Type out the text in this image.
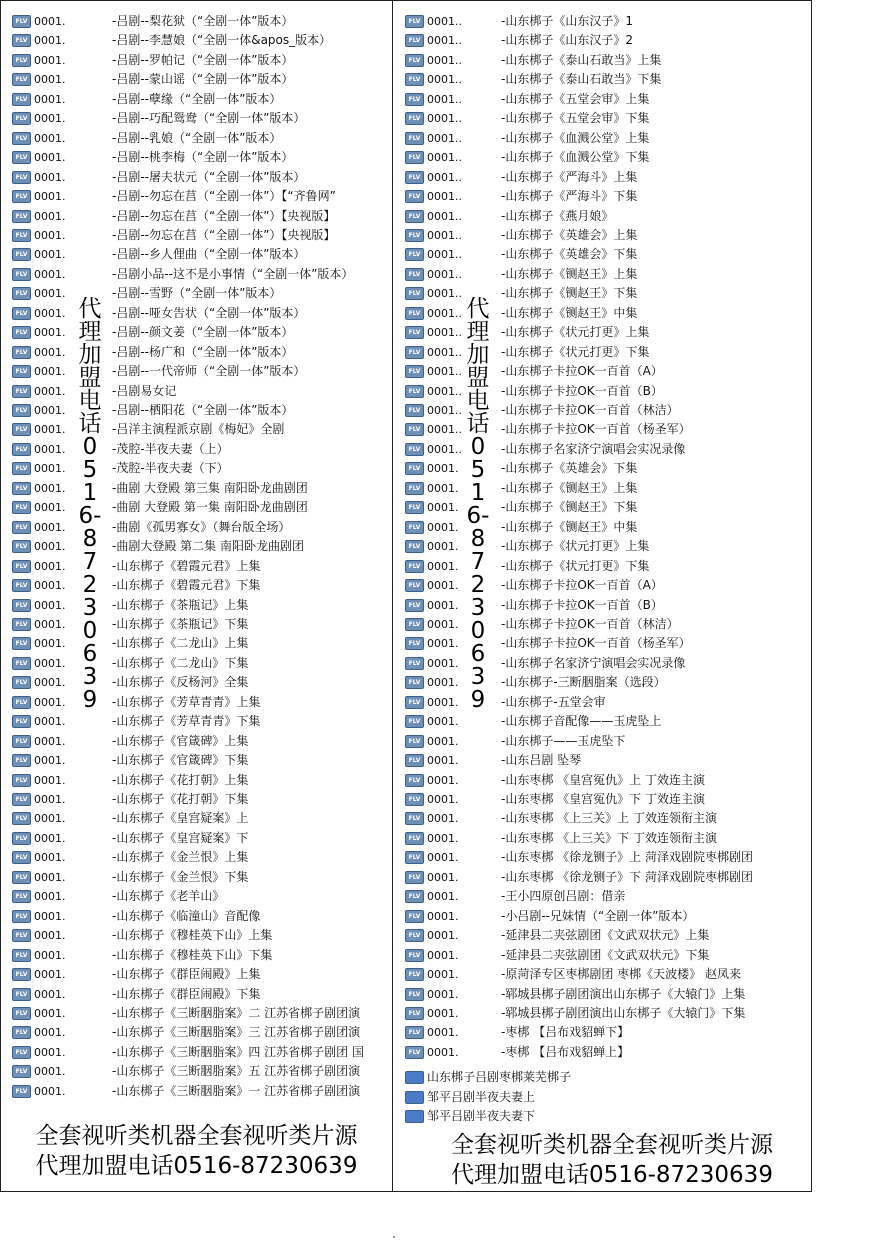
FLV 0001.	-吕剧--梨花狱（“全剧一体”版本）
FLV 0001.	-吕剧--李慧娘（“全剧一体&apos_版本）
FLV 0001.	-吕剧--罗帕记（“全剧一体”版本）
FLV 0001.	-吕剧--蒙山谣（“全剧一体”版本）
FLV 0001.	-吕剧--孽缘（“全剧一体”版本）
FLV 0001.	-吕剧--巧配鸳鸯（“全剧一体”版本）
FLV 0001.	-吕剧--乳娘（“全剧一体”版本）
FLV 0001.	-吕剧--桃李梅（“全剧一体”版本）
FLV 0001.	-吕剧--屠夫状元（“全剧一体”版本）
FLV 0001.	-吕剧--勿忘在莒（“全剧一体”）【“齐鲁网”
FLV 0001.	-吕剧--勿忘在莒（“全剧一体”）【央视版】
FLV 0001.	-吕剧--勿忘在莒（“全剧一体”）【央视版】
FLV 0001.	-吕剧--乡人俚曲（“全剧一体”版本）
FLV 0001.	-吕剧小品--这不是小事情（“全剧一体”版本）
FLV 0001.	-吕剧--雪野（“全剧一体”版本）
FLV 0001.	-吕剧--哑女告状（“全剧一体”版本）
FLV 0001.	-吕剧--颜文姜（“全剧一体”版本）
FLV 0001.	-吕剧--杨广和（“全剧一体”版本）
FLV 0001.	-吕剧--一代帝师（“全剧一体”版本）
FLV 0001.	-吕剧易女记
FLV 0001.	-吕剧--栖阳花（“全剧一体”版本）
FLV 0001.	-吕洋主演程派京剧《梅妃》全剧
FLV 0001.	-茂腔-半夜夫妻（上）
FLV 0001.	-茂腔-半夜夫妻（下）
FLV 0001.	-曲剧 大登殿 第三集 南阳卧龙曲剧团
FLV 0001.	-曲剧 大登殿 第一集 南阳卧龙曲剧团
FLV 0001.	-曲剧《孤男寡女》（舞台版全场）
FLV 0001.	-曲剧大登殿 第二集 南阳卧龙曲剧团
FLV 0001.	-山东梆子《碧霞元君》上集
FLV 0001.	-山东梆子《碧霞元君》下集
FLV 0001.	-山东梆子《茶瓶记》上集
FLV 0001.	-山东梆子《茶瓶记》下集
FLV 0001.	-山东梆子《二龙山》上集
FLV 0001.	-山东梆子《二龙山》下集
FLV 0001.	-山东梆子《反杨河》全集
FLV 0001.	-山东梆子《芳草青青》上集
FLV 0001.	-山东梆子《芳草青青》下集
FLV 0001.	-山东梆子《官箴碑》上集
FLV 0001.	-山东梆子《官箴碑》下集
FLV 0001.	-山东梆子《花打朝》上集
FLV 0001.	-山东梆子《花打朝》下集
FLV 0001.	-山东梆子《皇宫疑案》上
FLV 0001.	-山东梆子《皇宫疑案》下
FLV 0001.	-山东梆子《金兰恨》上集
FLV 0001.	-山东梆子《金兰恨》下集
FLV 0001.	-山东梆子《老羊山》
FLV 0001.	-山东梆子《临潼山》音配像
FLV 0001.	-山东梆子《穆桂英下山》上集
FLV 0001.	-山东梆子《穆桂英下山》下集
FLV 0001.	-山东梆子《群臣闹殿》上集
FLV 0001.	-山东梆子《群臣闹殿》下集
FLV 0001.	-山东梆子《三断胭脂案》二 江苏省梆子剧团演
FLV 0001.	-山东梆子《三断胭脂案》三 江苏省梆子剧团演
FLV 0001.	-山东梆子《三断胭脂案》四 江苏省梆子剧团 国
FLV 0001.	-山东梆子《三断胭脂案》五 江苏省梆子剧团演
FLV 0001.	-山东梆子《三断胭脂案》一 江苏省梆子剧团演
FLV 0001..	-山东梆子《山东汉子》1
FLV 0001..	-山东梆子《山东汉子》2
FLV 0001..	-山东梆子《泰山石敢当》上集
FLV 0001..	-山东梆子《泰山石敢当》下集
FLV 0001..	-山东梆子《五堂会审》上集
FLV 0001..	-山东梆子《五堂会审》下集
FLV 0001..	-山东梆子《血溅公堂》上集
FLV 0001..	-山东梆子《血溅公堂》下集
FLV 0001..	-山东梆子《严海斗》上集
FLV 0001..	-山东梆子《严海斗》下集
FLV 0001..	-山东梆子《燕月娘》
FLV 0001..	-山东梆子《英雄会》上集
FLV 0001..	-山东梆子《英雄会》下集
FLV 0001..	-山东梆子《铡赵王》上集
FLV 0001..	-山东梆子《铡赵王》下集
FLV 0001..	-山东梆子《铡赵王》中集
FLV 0001..	-山东梆子《状元打更》上集
FLV 0001..	-山东梆子《状元打更》下集
FLV 0001..	-山东梆子卡拉OK一百首（A）
FLV 0001..	-山东梆子卡拉OK一百首（B）
FLV 0001..	-山东梆子卡拉OK一百首（林洁）
FLV 0001..	-山东梆子卡拉OK一百首（杨圣军）
FLV 0001..	-山东梆子名家济宁演唱会实况录像
FLV 0001.	-山东梆子《英雄会》下集
FLV 0001.	-山东梆子《铡赵王》上集
FLV 0001.	-山东梆子《铡赵王》下集
FLV 0001.	-山东梆子《铡赵王》中集
FLV 0001.	-山东梆子《状元打更》上集
FLV 0001.	-山东梆子《状元打更》下集
FLV 0001.	-山东梆子卡拉OK一百首（A）
FLV 0001.	-山东梆子卡拉OK一百首（B）
FLV 0001.	-山东梆子卡拉OK一百首（林洁）
FLV 0001.	-山东梆子卡拉OK一百首（杨圣军）
FLV 0001.	-山东梆子名家济宁演唱会实况录像
FLV 0001.	-山东梆子-三断胭脂案（选段）
FLV 0001.	-山东梆子-五堂会审
FLV 0001.	-山东梆子音配像——玉虎坠上
FLV 0001.	-山东梆子——玉虎坠下
FLV 0001.	-山东吕剧 坠琴
FLV 0001.	-山东枣梆 《皇宫冤仇》上 丁效连主演
FLV 0001.	-山东枣梆 《皇宫冤仇》下 丁效连主演
FLV 0001.	-山东枣梆 《上三关》上 丁效连领衔主演
FLV 0001.	-山东枣梆 《上三关》下 丁效连领衔主演
FLV 0001.	-山东枣梆 《徐龙铡子》上 菏泽戏剧院枣梆剧团
FLV 0001.	-山东枣梆 《徐龙铡子》下 菏泽戏剧院枣梆剧团
FLV 0001.	-王小四原创吕剧：借亲
FLV 0001.	-小吕剧--兄妹情（“全剧一体”版本）
FLV 0001.	-延津县二夹弦剧团《文武双状元》上集
FLV 0001.	-延津县二夹弦剧团《文武双状元》下集
FLV 0001.	-原菏泽专区枣梆剧团 枣梆《天波楼》 赵凤来
FLV 0001.	-郓城县梆子剧团演出山东梆子《大辕门》上集
FLV 0001.	-郓城县梆子剧团演出山东梆子《大辕门》下集
FLV 0001.	-枣梆 【吕布戏貂蝉下】
FLV 0001.	-枣梆 【吕布戏貂蝉上】
山东梆子吕剧枣梆莱芜梆子
邹平吕剧半夜夫妻上
邹平吕剧半夜夫妻下
代理加盟电话0516-87230639
代理加盟电话0516-87230639
全套视听类机器全套视听类片源
代理加盟电话0516-87230639
全套视听类机器全套视听类片源
代理加盟电话0516-87230639
